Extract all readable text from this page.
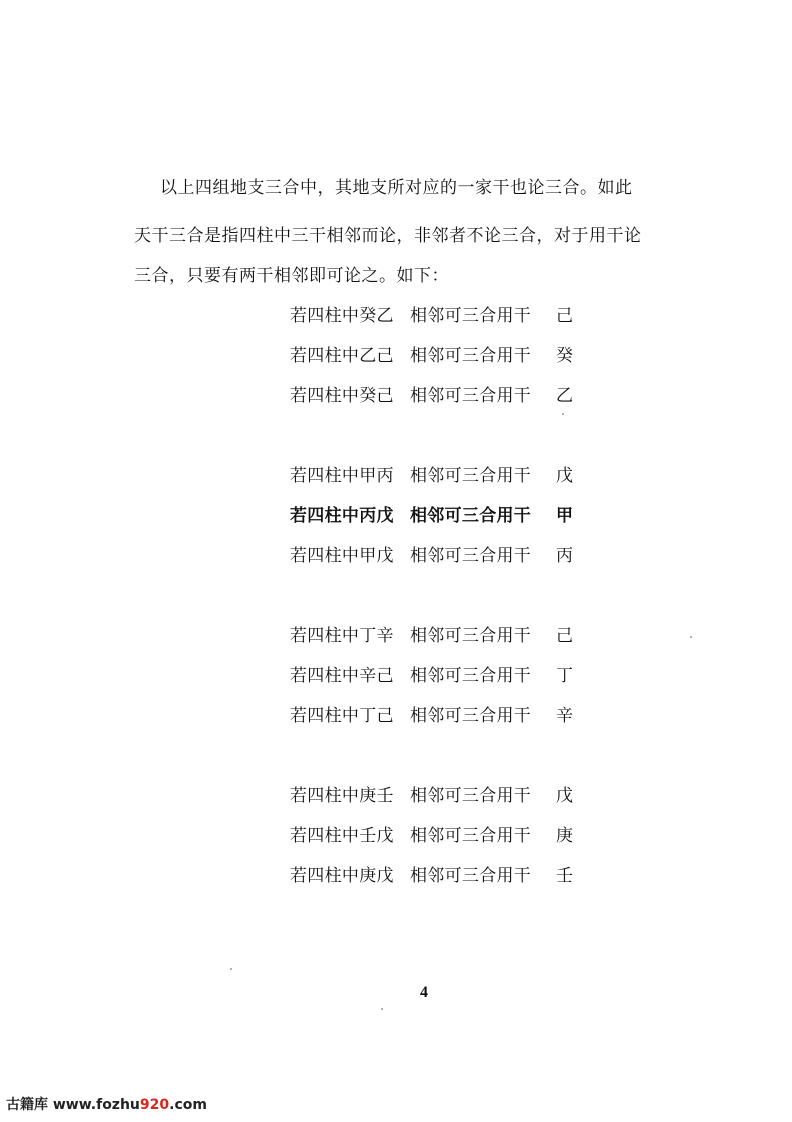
以上四组地支三合中，其地支所对应的一家干也论三合。如此
天干三合是指四柱中三干相邻而论，非邻者不论三合，对于用干论
三合，只要有两干相邻即可论之。如下：
若四柱中癸乙 相邻可三合用干 己
若四柱中乙己 相邻可三合用干 癸
若四柱中癸己 相邻可三合用干 乙
若四柱中甲丙 相邻可三合用干 戊
若四柱中丙戊 相邻可三合用干 甲
若四柱中甲戊 相邻可三合用干 丙
若四柱中丁辛 相邻可三合用干 己
若四柱中辛己 相邻可三合用干 丁
若四柱中丁己 相邻可三合用干 辛
若四柱中庚壬 相邻可三合用干 戊
若四柱中壬戊 相邻可三合用干 庚
若四柱中庚戊 相邻可三合用干 壬
4
古籍库 www.fozhu920.com
